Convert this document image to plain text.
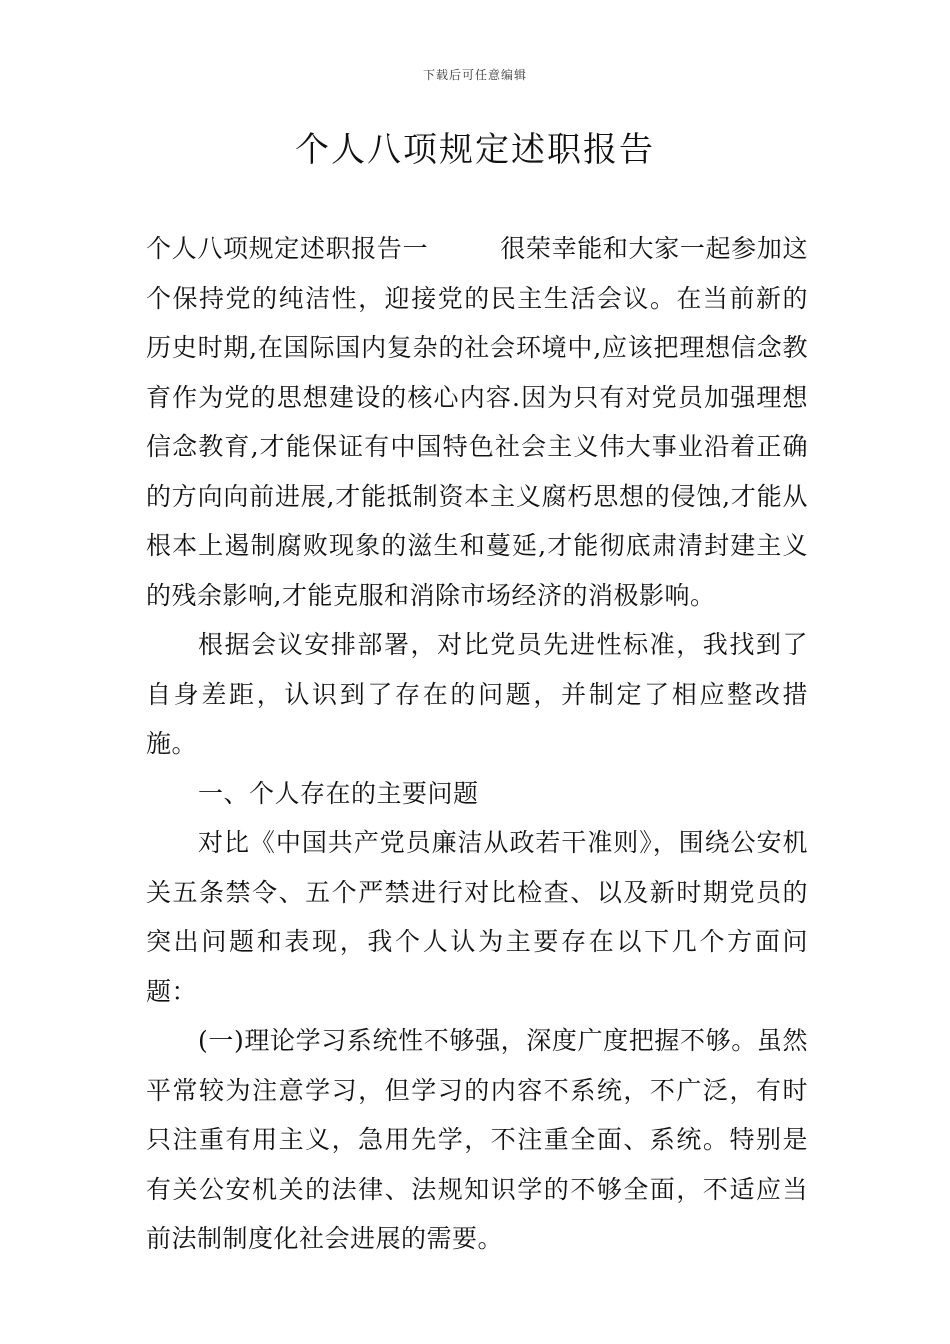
下载后可任意编辑
个人八项规定述职报告

个人八项规定述职报告一	很荣幸能和大家一起参加这个保持党的纯洁性，迎接党的民主生活会议。在当前新的历史时期,在国际国内复杂的社会环境中,应该把理想信念教育作为党的思想建设的核心内容.因为只有对党员加强理想信念教育,才能保证有中国特色社会主义伟大事业沿着正确的方向向前进展,才能抵制资本主义腐朽思想的侵蚀,才能从根本上遏制腐败现象的滋生和蔓延,才能彻底肃清封建主义的残余影响,才能克服和消除市场经济的消极影响。

根据会议安排部署，对比党员先进性标准，我找到了自身差距，认识到了存在的问题，并制定了相应整改措施。

一、个人存在的主要问题

对比《中国共产党员廉洁从政若干准则》，围绕公安机关五条禁令、五个严禁进行对比检查、以及新时期党员的突出问题和表现，我个人认为主要存在以下几个方面问题：

(一)理论学习系统性不够强，深度广度把握不够。虽然平常较为注意学习，但学习的内容不系统，不广泛，有时只注重有用主义，急用先学，不注重全面、系统。特别是有关公安机关的法律、法规知识学的不够全面，不适应当前法制制度化社会进展的需要。
